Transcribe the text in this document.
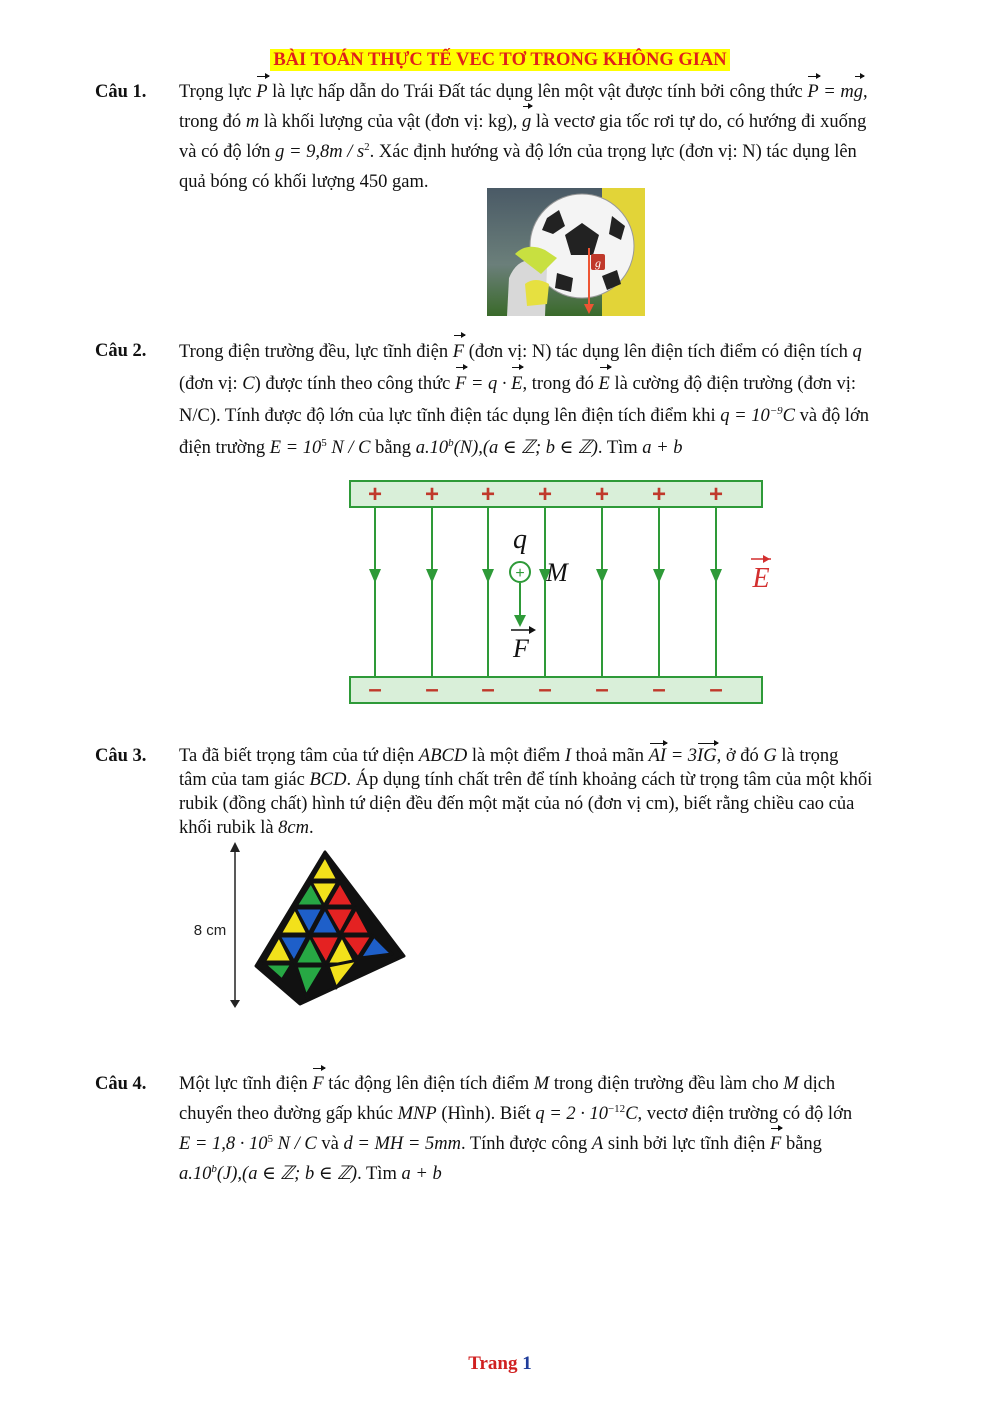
BÀI TOÁN THỰC TẾ VEC TƠ TRONG KHÔNG GIAN
Câu 1. Trọng lực P là lực hấp dẫn do Trái Đất tác dụng lên một vật được tính bởi công thức P = mg,
trong đó m là khối lượng của vật (đơn vị: kg), g là vectơ gia tốc rơi tự do, có hướng đi xuống
và có độ lớn $g = 9,8m / s^2$. Xác định hướng và độ lớn của trọng lực (đơn vị: N) tác dụng lên
quả bóng có khối lượng 450 gam.
g
Câu 2. Trong điện trường đều, lực tĩnh điện F (đơn vị: N) tác dụng lên điện tích điểm có điện tích q
(đơn vị: C) được tính theo công thức F = q · E, trong đó E là cường độ điện trường (đơn vị:
N/C). Tính được độ lớn của lực tĩnh điện tác dụng lên điện tích điểm khi $q = 10^{-9}C$ và độ lớn
điện trường $E = 10^5$ N / C bằng a.10$^b$(N),(a ∈ ℤ; b ∈ ℤ). Tìm a + b
+ + + + + + +
– – – – – – –
q
+ M
F
E
Câu 3. Ta đã biết trọng tâm của tứ diện ABCD là một điểm I thoả mãn AI = 3IG, ở đó G là trọng
tâm của tam giác BCD. Áp dụng tính chất trên để tính khoảng cách từ trọng tâm của một khối
rubik (đồng chất) hình tứ diện đều đến một mặt của nó (đơn vị cm), biết rằng chiều cao của
khối rubik là 8cm.
8 cm
Câu 4. Một lực tĩnh điện F tác động lên điện tích điểm M trong điện trường đều làm cho M dịch
chuyển theo đường gấp khúc MNP (Hình). Biết $q = 2 \cdot 10^{-12}C$, vectơ điện trường có độ lớn
$E = 1,8 \cdot 10^5$ N / C và d = MH = 5mm. Tính được công A sinh bởi lực tĩnh điện F bằng
a.10$^b$(J),(a ∈ ℤ; b ∈ ℤ). Tìm a + b
Trang 1
